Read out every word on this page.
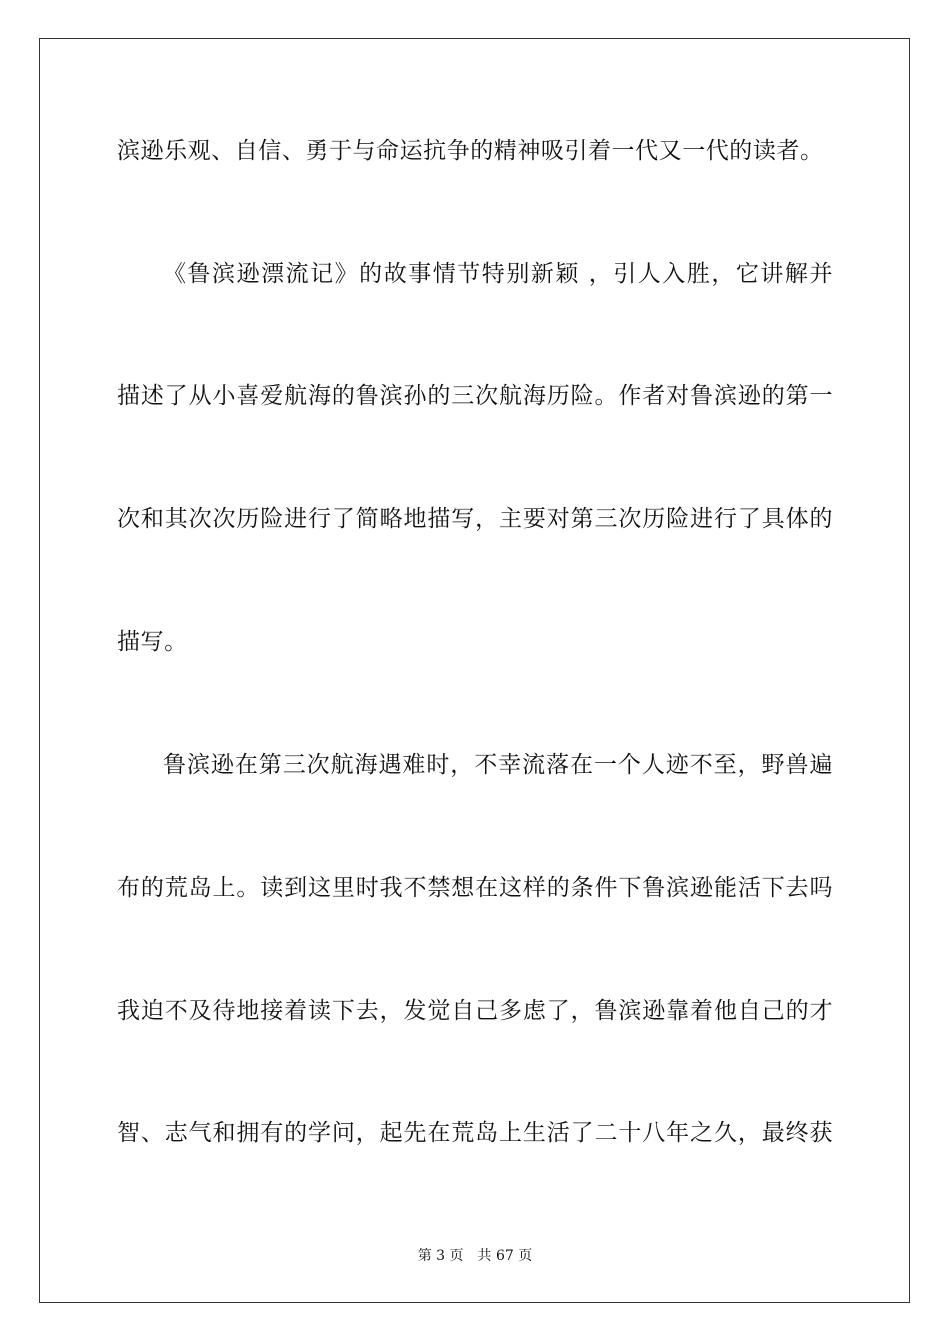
滨逊乐观、自信、勇于与命运抗争的精神吸引着一代又一代的读者。
《鲁滨逊漂流记》的故事情节特别新颖 ，引人入胜，它讲解并
描述了从小喜爱航海的鲁滨孙的三次航海历险。作者对鲁滨逊的第一
次和其次次历险进行了简略地描写，主要对第三次历险进行了具体的
描写。
鲁滨逊在第三次航海遇难时，不幸流落在一个人迹不至，野兽遍
布的荒岛上。读到这里时我不禁想在这样的条件下鲁滨逊能活下去吗
我迫不及待地接着读下去，发觉自己多虑了，鲁滨逊靠着他自己的才
智、志气和拥有的学问，起先在荒岛上生活了二十八年之久，最终获
第 3 页 共 67 页
